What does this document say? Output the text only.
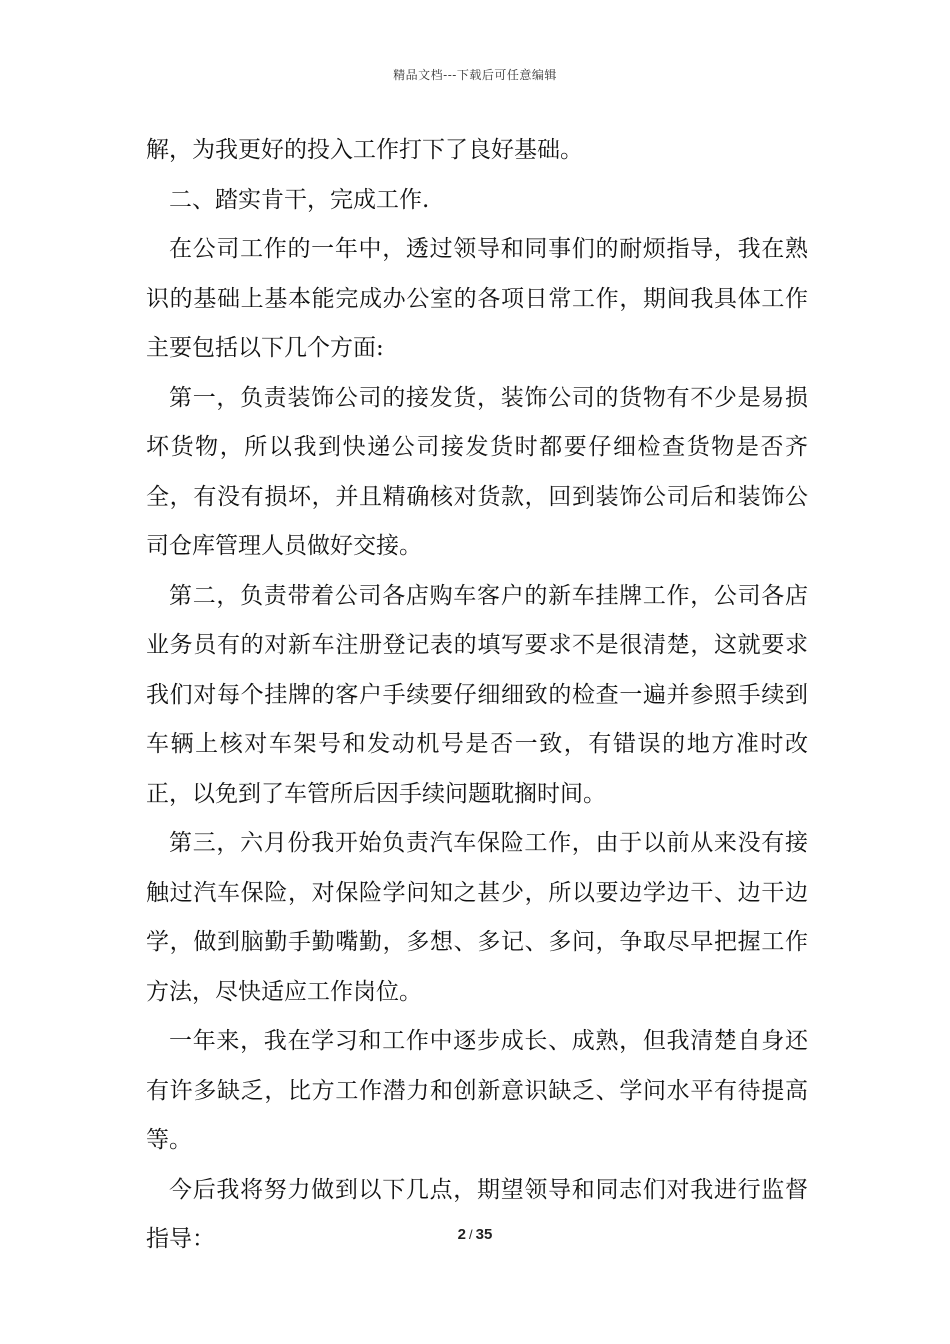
精品文档---下载后可任意编辑

解，为我更好的投入工作打下了良好基础。

二、踏实肯干，完成工作.

在公司工作的一年中，透过领导和同事们的耐烦指导，我在熟识的基础上基本能完成办公室的各项日常工作，期间我具体工作主要包括以下几个方面:

第一，负责装饰公司的接发货，装饰公司的货物有不少是易损坏货物，所以我到快递公司接发货时都要仔细检查货物是否齐全，有没有损坏，并且精确核对货款，回到装饰公司后和装饰公司仓库管理人员做好交接。

第二，负责带着公司各店购车客户的新车挂牌工作，公司各店业务员有的对新车注册登记表的填写要求不是很清楚，这就要求我们对每个挂牌的客户手续要仔细细致的检查一遍并参照手续到车辆上核对车架号和发动机号是否一致，有错误的地方准时改正，以免到了车管所后因手续问题耽搁时间。

第三，六月份我开始负责汽车保险工作，由于以前从来没有接触过汽车保险，对保险学问知之甚少，所以要边学边干、边干边学，做到脑勤手勤嘴勤，多想、多记、多问，争取尽早把握工作方法，尽快适应工作岗位。

一年来，我在学习和工作中逐步成长、成熟，但我清楚自身还有许多缺乏，比方工作潜力和创新意识缺乏、学问水平有待提高等。

今后我将努力做到以下几点，期望领导和同志们对我进行监督指导：	2 / 35
